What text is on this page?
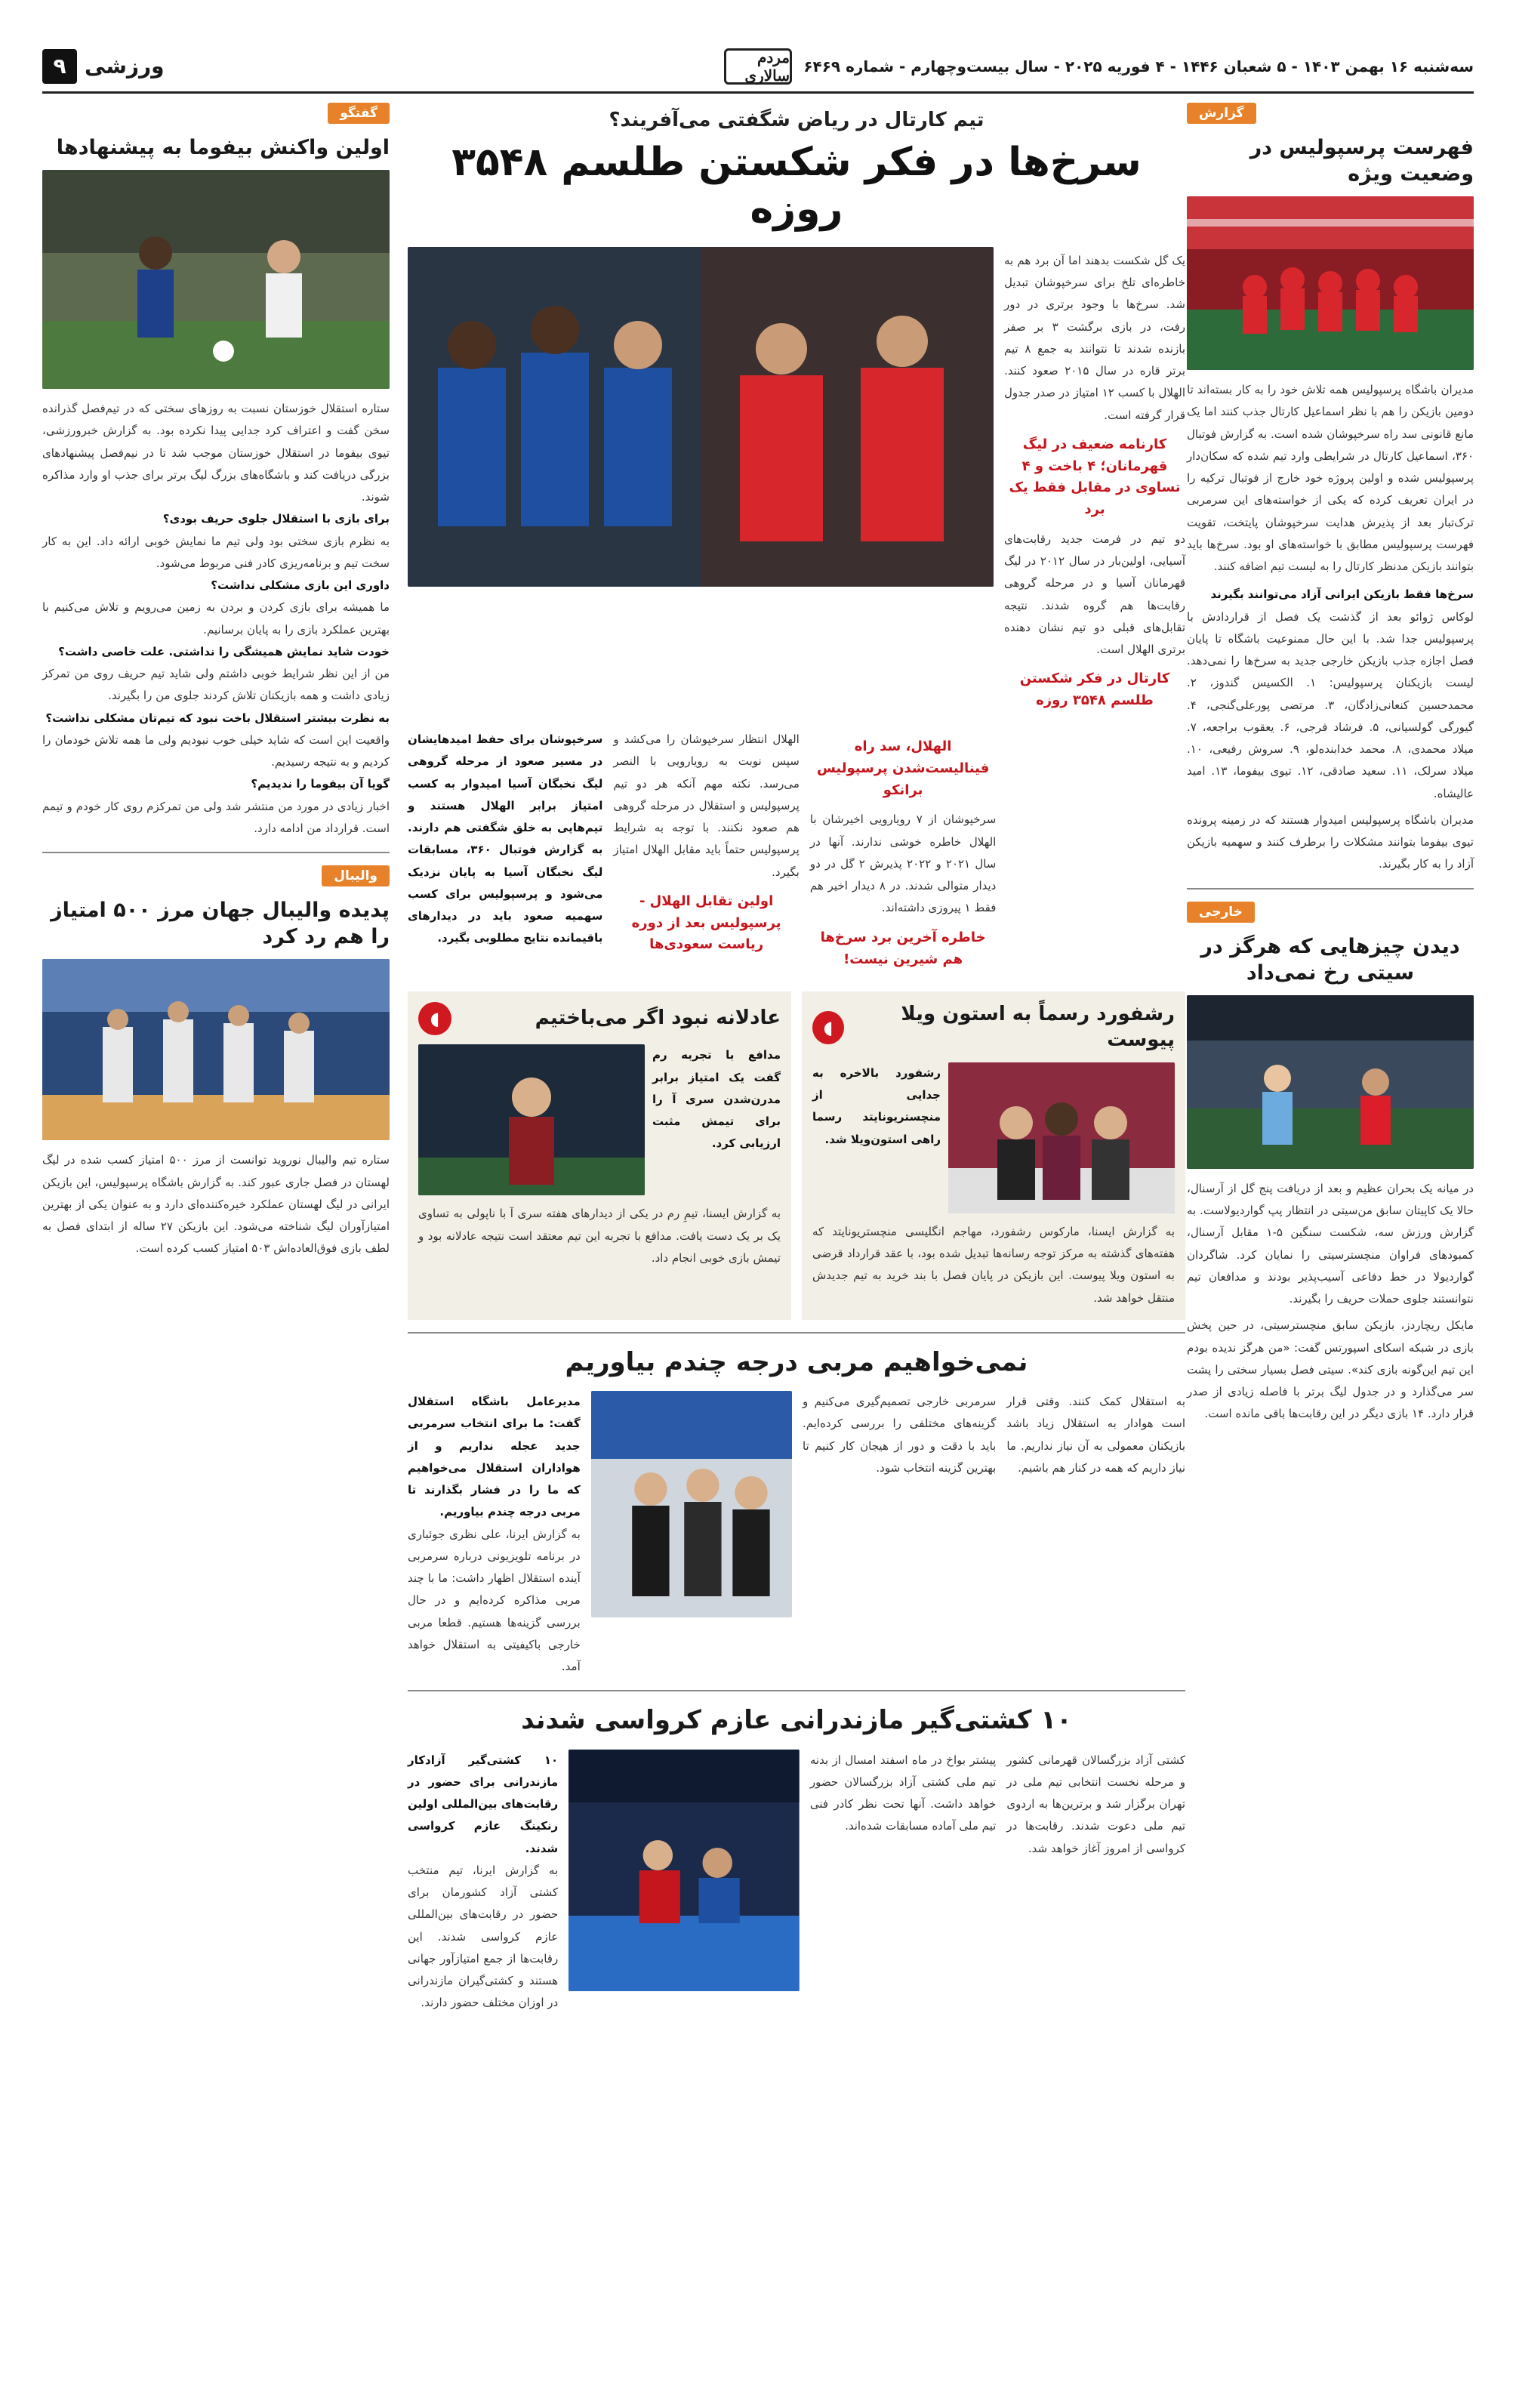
سه‌شنبه ۱۶ بهمن ۱۴۰۳ - ۵ شعبان ۱۴۴۶ - ۴ فوریه ۲۰۲۵ - سال بیست‌وچهارم - شماره ۶۴۶۹
مردم سالاری
ورزشی
۹
گزارش
فهرست پرسپولیس در وضعیت ویژه
مدیران باشگاه پرسپولیس همه تلاش خود را به کار بسته‌اند تا دومین بازیکن را هم با نظر اسماعیل کارتال جذب کنند اما یک مانع قانونی سد راه سرخپوشان شده است. به گزارش فوتبال ۳۶۰، اسماعیل کارتال در شرایطی وارد تیم شده که سکان‌دار پرسپولیس شده و اولین پروژه خود خارج از فوتبال ترکیه را در ایران تعریف کرده که یکی از خواسته‌های این سرمربی ترک‌تبار بعد از پذیرش هدایت سرخپوشان پایتخت، تقویت فهرست پرسپولیس مطابق با خواسته‌های او بود. سرخ‌ها باید بتوانند بازیکن مدنظر کارتال را به لیست تیم اضافه کنند.
سرخ‌ها فقط بازیکن ایرانی آزاد می‌توانند بگیرند
لوکاس ژوائو بعد از گذشت یک فصل از قراردادش با پرسپولیس جدا شد. با این حال ممنوعیت باشگاه تا پایان فصل اجازه جذب بازیکن خارجی جدید به سرخ‌ها را نمی‌دهد. لیست بازیکنان پرسپولیس: ۱. الکسیس گندوز، ۲. محمدحسین کنعانی‌زادگان، ۳. مرتضی پورعلی‌گنجی، ۴. گیورگی گولسیانی، ۵. فرشاد فرجی، ۶. یعقوب براجعه، ۷. میلاد محمدی، ۸. محمد خدابنده‌لو، ۹. سروش رفیعی، ۱۰. میلاد سرلک، ۱۱. سعید صادقی، ۱۲. تیوی بیفوما، ۱۳. امید عالیشاه.
مدیران باشگاه پرسپولیس امیدوار هستند که در زمینه پرونده تیوی بیفوما بتوانند مشکلات را برطرف کنند و سهمیه بازیکن آزاد را به کار بگیرند.
خارجی
دیدن چیزهایی که هرگز در سیتی رخ نمی‌داد
در میانه یک بحران عظیم و بعد از دریافت پنج گل از آرسنال، حالا یک کاپیتان سابق من‌سیتی در انتظار پپ گواردیولاست. به گزارش ورزش سه، شکست سنگین ۵-۱ مقابل آرسنال، کمبودهای فراوان منچسترسیتی را نمایان کرد. شاگردان گواردیولا در خط دفاعی آسیب‌پذیر بودند و مدافعان تیم نتوانستند جلوی حملات حریف را بگیرند.
مایکل ریچاردز، بازیکن سابق منچسترسیتی، در حین پخش بازی در شبکه اسکای اسپورتس گفت: «من هرگز ندیده بودم این تیم این‌گونه بازی کند». سیتی فصل بسیار سختی را پشت سر می‌گذارد و در جدول لیگ برتر با فاصله زیادی از صدر قرار دارد. ۱۴ بازی دیگر در این رقابت‌ها باقی مانده است.
گفتگو
اولین واکنش بیفوما به پیشنهادها
ستاره استقلال خوزستان نسبت به روزهای سختی که در تیم‌فصل گذرانده سخن گفت و اعتراف کرد جدایی پیدا نکرده بود. به گزارش خبرورزشی، تیوی بیفوما در استقلال خوزستان موجب شد تا در نیم‌فصل پیشنهادهای بزرگی دریافت کند و باشگاه‌های بزرگ لیگ برتر برای جذب او وارد مذاکره شوند.
برای بازی با استقلال جلوی حریف بودی؟
به نظرم بازی سختی بود ولی تیم ما نمایش خوبی ارائه داد. این به کار سخت تیم و برنامه‌ریزی کادر فنی مربوط می‌شود.
داوری این بازی مشکلی نداشت؟
ما همیشه برای بازی کردن و بردن به زمین می‌رویم و تلاش می‌کنیم با بهترین عملکرد بازی را به پایان برسانیم.
خودت شاید نمایش همیشگی را نداشتی. علت خاصی داشت؟
من از این نظر شرایط خوبی داشتم ولی شاید تیم حریف روی من تمرکز زیادی داشت و همه بازیکنان تلاش کردند جلوی من را بگیرند.
به نظرت بیشتر استقلال باخت نبود که تیم‌تان مشکلی نداشت؟
واقعیت این است که شاید خیلی خوب نبودیم ولی ما همه تلاش خودمان را کردیم و به نتیجه رسیدیم.
گویا آن بیفوما را ندیدیم؟
اخبار زیادی در مورد من منتشر شد ولی من تمرکزم روی کار خودم و تیمم است. قرارداد من ادامه دارد.
والیبال
پدیده والیبال جهان مرز ۵۰۰ امتیاز را هم رد کرد
ستاره تیم والیبال نوروید توانست از مرز ۵۰۰ امتیاز کسب شده در لیگ لهستان در فصل جاری عبور کند. به گزارش باشگاه پرسپولیس، این بازیکن ایرانی در لیگ لهستان عملکرد خیره‌کننده‌ای دارد و به عنوان یکی از بهترین امتیازآوران لیگ شناخته می‌شود. این بازیکن ۲۷ ساله از ابتدای فصل به لطف بازی فوق‌العاده‌اش ۵۰۳ امتیاز کسب کرده است.
تیم کارتال در ریاض شگفتی می‌آفریند؟
سرخ‌ها در فکر شکستن طلسم ۳۵۴۸ روزه
یک گل شکست بدهند اما آن برد هم به خاطره‌ای تلخ برای سرخپوشان تبدیل شد. سرخ‌ها با وجود برتری در دور رفت، در بازی برگشت ۳ بر صفر بازنده شدند تا نتوانند به جمع ۸ تیم برتر قاره در سال ۲۰۱۵ صعود کنند. الهلال با کسب ۱۲ امتیاز در صدر جدول قرار گرفته است.
کارنامه ضعیف در لیگ قهرمانان؛ ۴ باخت و ۴ تساوی در مقابل فقط یک برد
دو تیم در فرمت جدید رقابت‌های آسیایی، اولین‌بار در سال ۲۰۱۲ در لیگ قهرمانان آسیا و در مرحله گروهی رقابت‌ها هم گروه شدند. نتیجه تقابل‌های قبلی دو تیم نشان دهنده برتری الهلال است.
کارتال در فکر شکستن طلسم ۳۵۴۸ روزه
الهلال، سد راه فینالیست‌شدن پرسپولیس برانکو
سرخپوشان از ۷ رویارویی اخیرشان با الهلال خاطره خوشی ندارند. آنها در سال ۲۰۲۱ و ۲۰۲۲ پذیرش ۲ گل در دو دیدار متوالی شدند. در ۸ دیدار اخیر هم فقط ۱ پیروزی داشته‌اند.
خاطره آخرین برد سرخ‌ها هم شیرین نیست!
الهلال انتظار سرخپوشان را می‌کشد و سپس نوبت به رویارویی با النصر می‌رسد. نکته مهم آنکه هر دو تیم پرسپولیس و استقلال در مرحله گروهی هم صعود نکنند. با توجه به شرایط پرسپولیس حتماً باید مقابل الهلال امتیاز بگیرد.
اولین تقابل الهلال - پرسپولیس بعد از دوره ریاست سعودی‌ها
سرخپوشان برای حفظ امیدهایشان در مسیر صعود از مرحله گروهی لیگ نخبگان آسیا امیدوار به کسب امتیاز برابر الهلال هستند و تیم‌هایی به خلق شگفتی هم دارند. به گزارش فوتبال ۳۶۰، مسابقات لیگ نخبگان آسیا به پایان نزدیک می‌شود و پرسپولیس برای کسب سهمیه صعود باید در دیدارهای باقیمانده نتایج مطلوبی بگیرد.
رشفورد رسماً به استون ویلا پیوست
◖
رشفورد بالاخره به جدایی از منچستریونایتد رسما راهی استون‌ویلا شد.
به گزارش ایسنا، مارکوس رشفورد، مهاجم انگلیسی منچستریونایتد که هفته‌های گذشته به مرکز توجه رسانه‌ها تبدیل شده بود، با عقد قرارداد قرضی به استون ویلا پیوست. این بازیکن در پایان فصل با بند خرید به تیم جدیدش منتقل خواهد شد.
عادلانه نبود اگر می‌باختیم
◖
مدافع با تجربه رم گفت یک امتیاز برابر مدرن‌شدن سری آ را برای تیمش مثبت ارزیابی کرد.
به گزارش ایسنا، تیمِ رم در یکی از دیدارهای هفته سری آ با ناپولی به تساوی یک بر یک دست یافت. مدافع با تجربه این تیم معتقد است نتیجه عادلانه بود و تیمش بازی خوبی انجام داد.
نمی‌خواهیم مربی درجه چندم بیاوریم
به استقلال کمک کنند. وقتی قرار است هوادار به استقلال زیاد باشد بازیکنان معمولی به آن نیاز نداریم. ما نیاز داریم که همه در کنار هم باشیم.
سرمربی خارجی تصمیم‌گیری می‌کنیم و گزینه‌های مختلفی را بررسی کرده‌ایم. باید با دقت و دور از هیجان کار کنیم تا بهترین گزینه انتخاب شود.
مدیرعامل باشگاه استقلال گفت: ما برای انتخاب سرمربی جدید عجله نداریم و از هواداران استقلال می‌خواهیم که ما را در فشار بگذارند تا مربی درجه چندم بیاوریم.
به گزارش ایرنا، علی نظری جوئباری در برنامه تلویزیونی درباره سرمربی آینده استقلال اظهار داشت: ما با چند مربی مذاکره کرده‌ایم و در حال بررسی گزینه‌ها هستیم. قطعا مربی خارجی باکیفیتی به استقلال خواهد آمد.
۱۰ کشتی‌گیر مازندرانی عازم کرواسی شدند
کشتی آزاد بزرگسالان قهرمانی کشور و مرحله نخست انتخابی تیم ملی در تهران برگزار شد و برترین‌ها به اردوی تیم ملی دعوت شدند. رقابت‌ها در کرواسی از امروز آغاز خواهد شد.
پیشتر بواخ در ماه اسفند امسال از بدنه تیم ملی کشتی آزاد بزرگسالان حضور خواهد داشت. آنها تحت نظر کادر فنی تیم ملی آماده مسابقات شده‌اند.
۱۰ کشتی‌گیر آزادکار مازندرانی برای حضور در رقابت‌های بین‌المللی اولین رنکینگ عازم کرواسی شدند.
به گزارش ایرنا، تیم منتخب کشتی آزاد کشورمان برای حضور در رقابت‌های بین‌المللی عازم کرواسی شدند. این رقابت‌ها از جمع امتیازآور جهانی هستند و کشتی‌گیران مازندرانی در اوزان مختلف حضور دارند.
